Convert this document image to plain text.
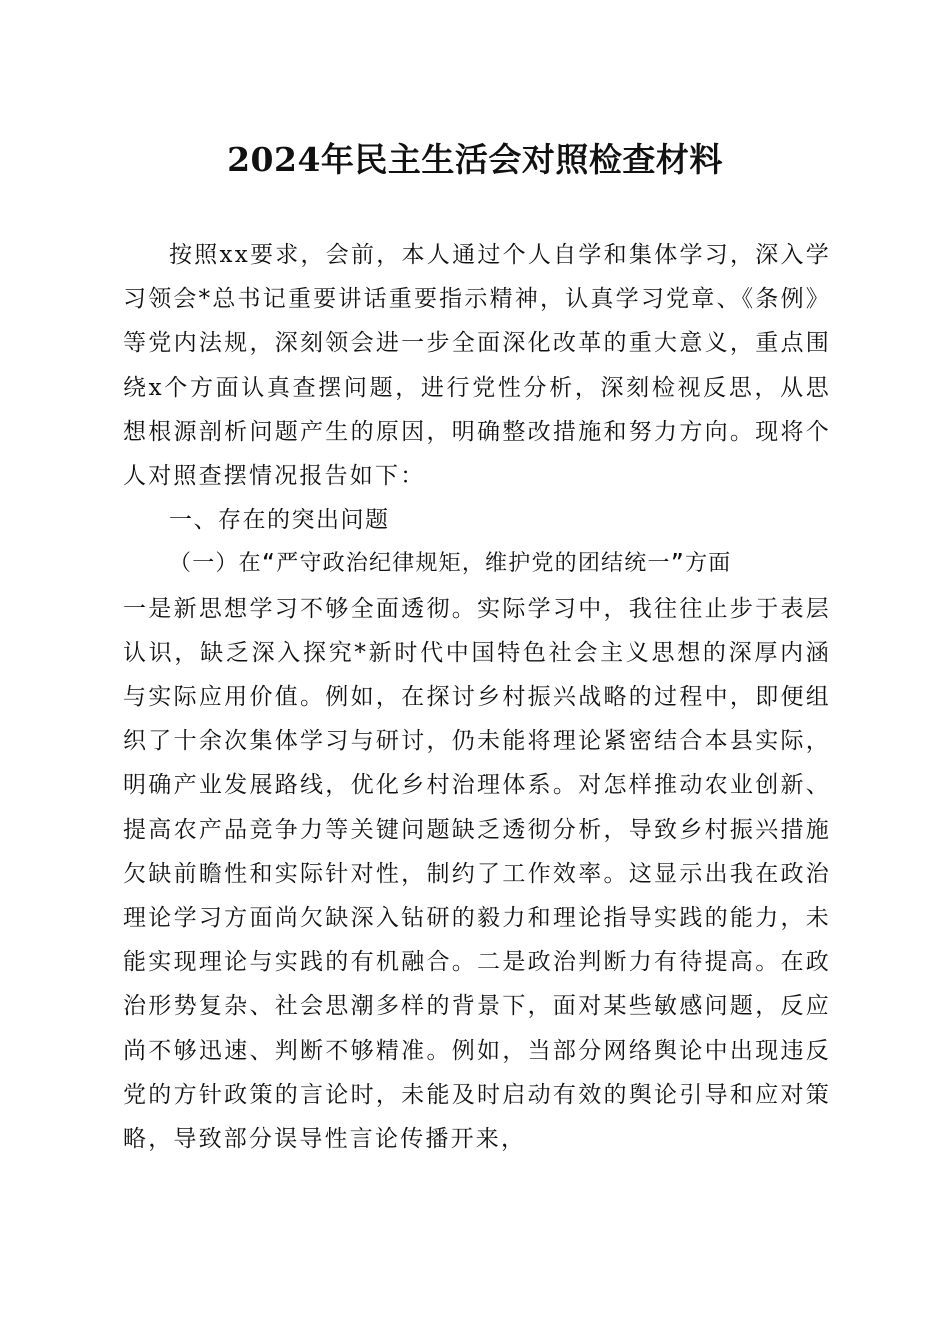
2024年民主生活会对照检查材料

按照xx要求，会前，本人通过个人自学和集体学习，深入学习领会*总书记重要讲话重要指示精神，认真学习党章、《条例》等党内法规，深刻领会进一步全面深化改革的重大意义，重点围绕x个方面认真查摆问题，进行党性分析，深刻检视反思，从思想根源剖析问题产生的原因，明确整改措施和努力方向。现将个人对照查摆情况报告如下：

一、存在的突出问题

（一）在“严守政治纪律规矩，维护党的团结统一”方面

一是新思想学习不够全面透彻。实际学习中，我往往止步于表层认识，缺乏深入探究*新时代中国特色社会主义思想的深厚内涵与实际应用价值。例如，在探讨乡村振兴战略的过程中，即便组织了十余次集体学习与研讨，仍未能将理论紧密结合本县实际，明确产业发展路线，优化乡村治理体系。对怎样推动农业创新、提高农产品竞争力等关键问题缺乏透彻分析，导致乡村振兴措施欠缺前瞻性和实际针对性，制约了工作效率。这显示出我在政治理论学习方面尚欠缺深入钻研的毅力和理论指导实践的能力，未能实现理论与实践的有机融合。二是政治判断力有待提高。在政治形势复杂、社会思潮多样的背景下，面对某些敏感问题，反应尚不够迅速、判断不够精准。例如，当部分网络舆论中出现违反党的方针政策的言论时，未能及时启动有效的舆论引导和应对策略，导致部分误导性言论传播开来，
